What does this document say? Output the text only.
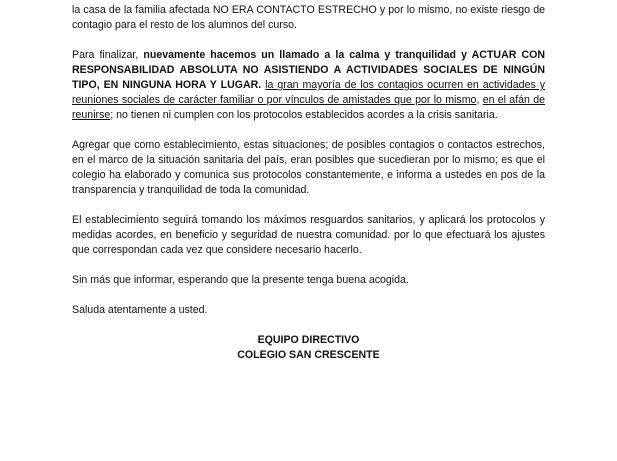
la casa de la familia afectada NO ERA CONTACTO ESTRECHO y por lo mismo, no existe riesgo de contagio para el resto de los alumnos del curso.

Para finalizar, nuevamente hacemos un llamado a la calma y tranquilidad y ACTUAR CON RESPONSABILIDAD ABSOLUTA NO ASISTIENDO A ACTIVIDADES SOCIALES DE NINGÚN TIPO, EN NINGUNA HORA Y LUGAR. la gran mayoría de los contagios ocurren en actividades y reuniones sociales de carácter familiar o por vínculos de amistades que por lo mismo, en el afán de reunirse; no tienen ni cumplen con los protocolos establecidos acordes a la crisis sanitaria.

Agregar que como establecimiento, estas situaciones; de posibles contagios o contactos estrechos, en el marco de la situación sanitaria del país, eran posibles que sucedieran por lo mismo; es que el colegio ha elaborado y comunica sus protocolos constantemente, e informa a ustedes en pos de la transparencia y tranquilidad de toda la comunidad.

El establecimiento seguirá tomando los máximos resguardos sanitarios, y aplicará los protocolos y medidas acordes, en beneficio y seguridad de nuestra comunidad. por lo que efectuará los ajustes que correspondan cada vez que considere necesario hacerlo.

Sin más que informar, esperando que la presente tenga buena acogida.

Saluda atentamente a usted.

EQUIPO DIRECTIVO
COLEGIO SAN CRESCENTE
